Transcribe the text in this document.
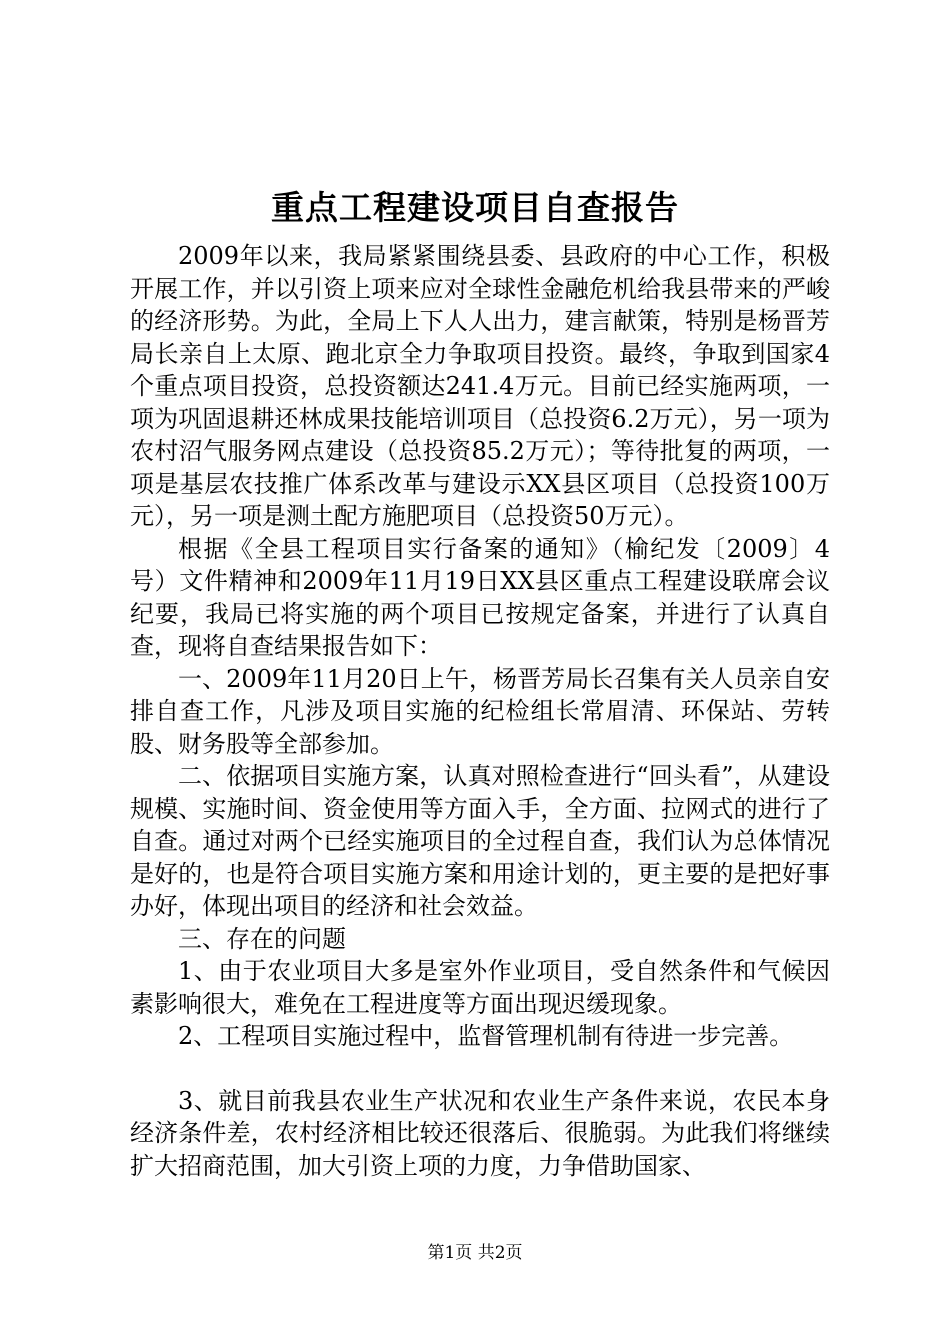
重点工程建设项目自查报告

2009年以来，我局紧紧围绕县委、县政府的中心工作，积极开展工作，并以引资上项来应对全球性金融危机给我县带来的严峻的经济形势。为此，全局上下人人出力，建言献策，特别是杨晋芳局长亲自上太原、跑北京全力争取项目投资。最终，争取到国家4个重点项目投资，总投资额达241.4万元。目前已经实施两项，一项为巩固退耕还林成果技能培训项目（总投资6.2万元），另一项为农村沼气服务网点建设（总投资85.2万元）；等待批复的两项，一项是基层农技推广体系改革与建设示XX县区项目（总投资100万元），另一项是测土配方施肥项目（总投资50万元）。

根据《全县工程项目实行备案的通知》（榆纪发〔2009〕4号）文件精神和2009年11月19日XX县区重点工程建设联席会议纪要，我局已将实施的两个项目已按规定备案，并进行了认真自查，现将自查结果报告如下：

一、2009年11月20日上午，杨晋芳局长召集有关人员亲自安排自查工作，凡涉及项目实施的纪检组长常眉清、环保站、劳转股、财务股等全部参加。

二、依据项目实施方案，认真对照检查进行“回头看”，从建设规模、实施时间、资金使用等方面入手，全方面、拉网式的进行了自查。通过对两个已经实施项目的全过程自查，我们认为总体情况是好的，也是符合项目实施方案和用途计划的，更主要的是把好事办好，体现出项目的经济和社会效益。

三、存在的问题

1、由于农业项目大多是室外作业项目，受自然条件和气候因素影响很大，难免在工程进度等方面出现迟缓现象。

2、工程项目实施过程中，监督管理机制有待进一步完善。

3、就目前我县农业生产状况和农业生产条件来说，农民本身经济条件差，农村经济相比较还很落后、很脆弱。为此我们将继续扩大招商范围，加大引资上项的力度，力争借助国家、

第1页 共2页
